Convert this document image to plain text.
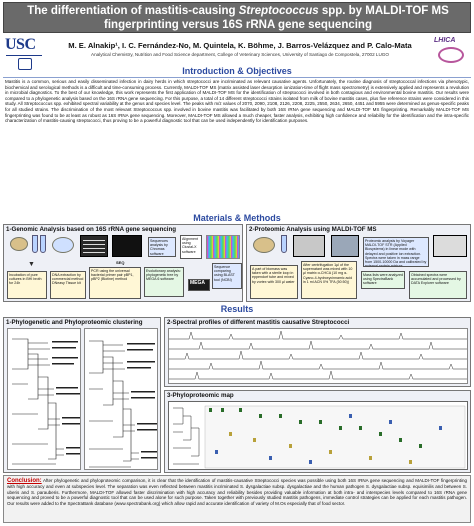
The differentiation of mastitis-causing Streptococcus spp. by MALDI-TOF MS
fingerprinting versus 16S rRNA gene sequencing
USC	LHICA
M. E. Alnakip¹, I. C. Fernández-No, M. Quintela, K. Böhme, J. Barros-Velázquez and P. Calo-Mata
Analytical Chemistry, Nutrition and Food Science department, College of Veterinary Sciences, University of Santiago de Compostela, 27002 LUGO
Introduction & Objectives
Mastitis is a common, serious and easily disseminated infection in dairy herds in which streptococci are incriminated as relevant causative agents. Unfortunately, the routine diagnosis of streptococcal infections via phenotypic, biochemical and serological methods is a difficult and time-consuming process. Currently, MALDI-TOF MS (matrix assisted laser desorption ionization-time of flight mass spectrometry) is extensively applied and represents a revolution in microbial diagnostics. To the best of our knowledge, this work represents the first application of MALDI-TOF MS for the identification of streptococci involved in both contagious and environmental bovine mastitis. Our results were compared to a phylogenetic analysis based on the 16S rRNA gene sequencing. For this purpose, a total of 14 different streptococci strains isolated from milk of bovine mastitis cases, plus five reference strains were considered in this study. All Streptococcus spp. exhibited spectral variability at the genus and species level. The peaks with m/z values of 2070, 2090, 2108, 2126, 2208, 2225, 2550, 2634, 2650, 4451 and 5955 were determined as genus-specific peaks for all studied strains. The discrimination of the most relevant Streptococcus spp. involved in bovine mastitis was facilitated by both 16S rRNA gene sequencing and MALDI-TOF MS fingerprinting. Remarkably MALDI-TOF MS fingerprinting was found to be at least as robust as 16S rRNA gene sequencing. Moreover, MALDI-TOF MS allowed a much cheaper, faster analysis, exhibiting high confidence and reliability for the identification and the intra-specific characterization of mastitis-causing streptococci, thus proving to be a powerful diagnostic tool that can be used independently for identification purposes.
Materials & Methods
1-Genomic Analysis based on 16S rRNA gene sequencing
SEQ
Sequences analysis by Chromas software
Alignment using Clustal-X software
▼
Incubation of pure cultures in BHI broth for 24h
DNA extraction by commercial method DNeasy Tissue kit
PCR using the universal bacterial primer pair pBP1, pBP2 (Biotine) method
Evolutionary analysis: phylogenetic tree by MEGA 6 software
MEGA
Sequence comparing using BLAST tool (NCBI)
2-Proteomic Analysis using MALDI-TOF MS
Proteomic analysis by Voyager MALDI-TOF STR (Applied Biosystems) in linear mode with delayed and positive ion extraction. Spectra were taken in mass range from 1500-10000 Da and calibrated by external protein mixture
A part of biomass was taken with a sterile loop in eppendorf tube and mixed by vortex with 300 µl water
After centrifugation 1µl of the supernatant was mixed with 10 µl matrix α-CHCA (10 mg α-Cyano-4-hydroxycinnamic acid in 1 ml ACN 0% TFA (50:50))
Mass lists were analyzed using SpectraBank software
Obtained spectra were accumulated and processed by DATA Explorer software
Results
1-Phylogenetic and Phyloproteomic clustering	2-Spectral profiles of different mastitis causative Streptococci
3-Phyloproteomic map
Conclusion: After phylogenetic and phyloproteomic comparison, it is clear that the identification of mastitis-causative Streptococci species was possible using both 16S rRNA gene sequencing and MALDI-TOF fingerprinting with high accuracy and even at subspecies level. The separation was even reflected between mastitis incriminated S. dysgalactiae subsp. dysgalactiae and the human pathogen S. dysgalactiae subsp. equisimilis and between S. uberis and S. parauberis. Furthermore, MALDI-TOF allowed faster discrimination with high accuracy and reliability besides providing valuable information at both intra- and interspecies levels compared to 16S rRNA gene sequencing and proved to be a powerful diagnostic tool that can be used alone for such purpose. Taken together with previously studied mastitis pathogens, immediate control strategies can be applied for each mastitis pathogen. Our results were added to the SpectraBank database (www.spectrabank.org) which allow rapid and accurate identification of variety of M.Os especially that of food sector.
